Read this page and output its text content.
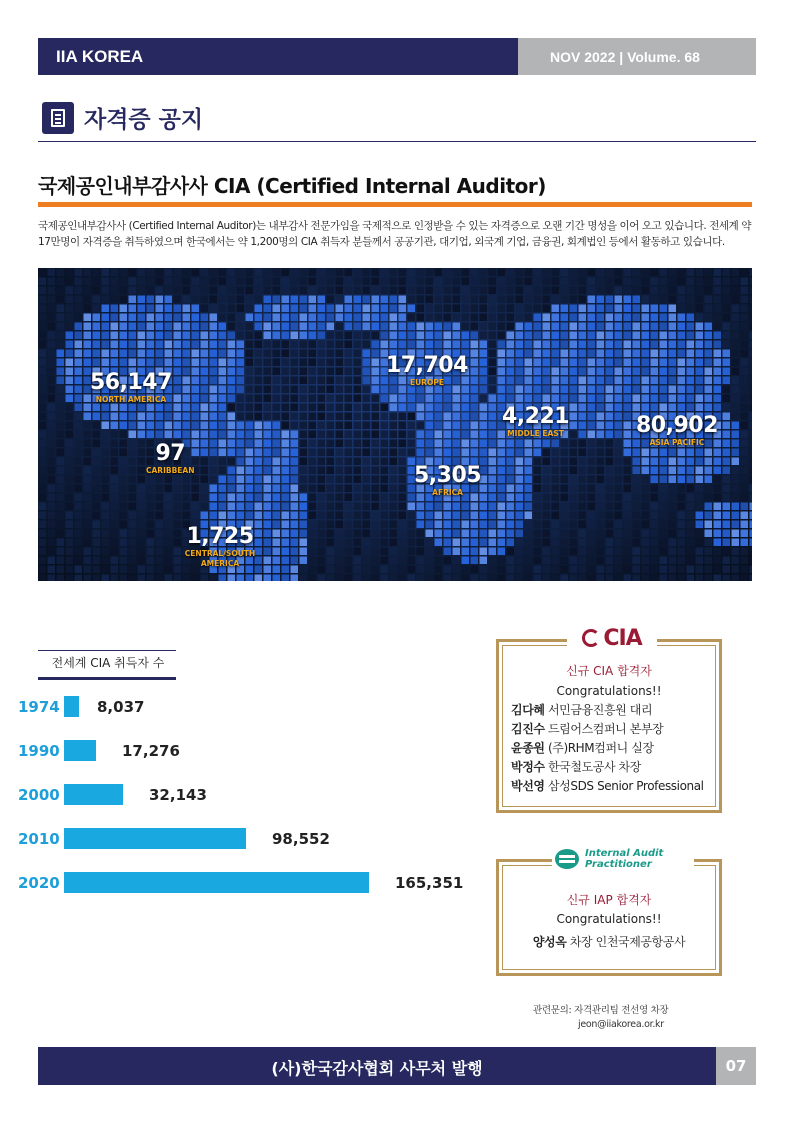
IIA KOREA	NOV 2022 | Volume. 68
자격증 공지
국제공인내부감사사 CIA (Certified Internal Auditor)
국제공인내부감사사 (Certified Internal Auditor)는 내부감사 전문가임을 국제적으로 인정받을 수 있는 자격증으로 오랜 기간 명성을 이어 오고 있습니다. 전세계 약 17만명이 자격증을 취득하였으며 한국에서는 약 1,200명의 CIA 취득자 분들께서 공공기관, 대기업, 외국계 기업, 금융권, 회계법인 등에서 활동하고 있습니다.
56,147
NORTH AMERICA
97
CARIBBEAN
1,725
CENTRAL/SOUTH AMERICA
17,704
EUROPE
4,221
MIDDLE EAST
5,305
AFRICA
80,902
ASIA PACIFIC
전세계 CIA 취득자 수
1974 8,037
1990	17,276
2000	32,143
2010	98,552
2020	165,351
CIA
신규 CIA 합격자
Congratulations!!
김다혜 서민금융진흥원 대리
김진수 드림어스컴퍼니 본부장
윤종원 (주)RHM컴퍼니 실장
박정수 한국철도공사 차장
박선영 삼성SDS Senior Professional
Internal Audit
Practitioner
신규 IAP 합격자
Congratulations!!
양성옥 차장 인천국제공항공사
관련문의: 자격관리팀 전선영 차장
jeon@iiakorea.or.kr
(사)한국감사협회 사무처 발행	07
